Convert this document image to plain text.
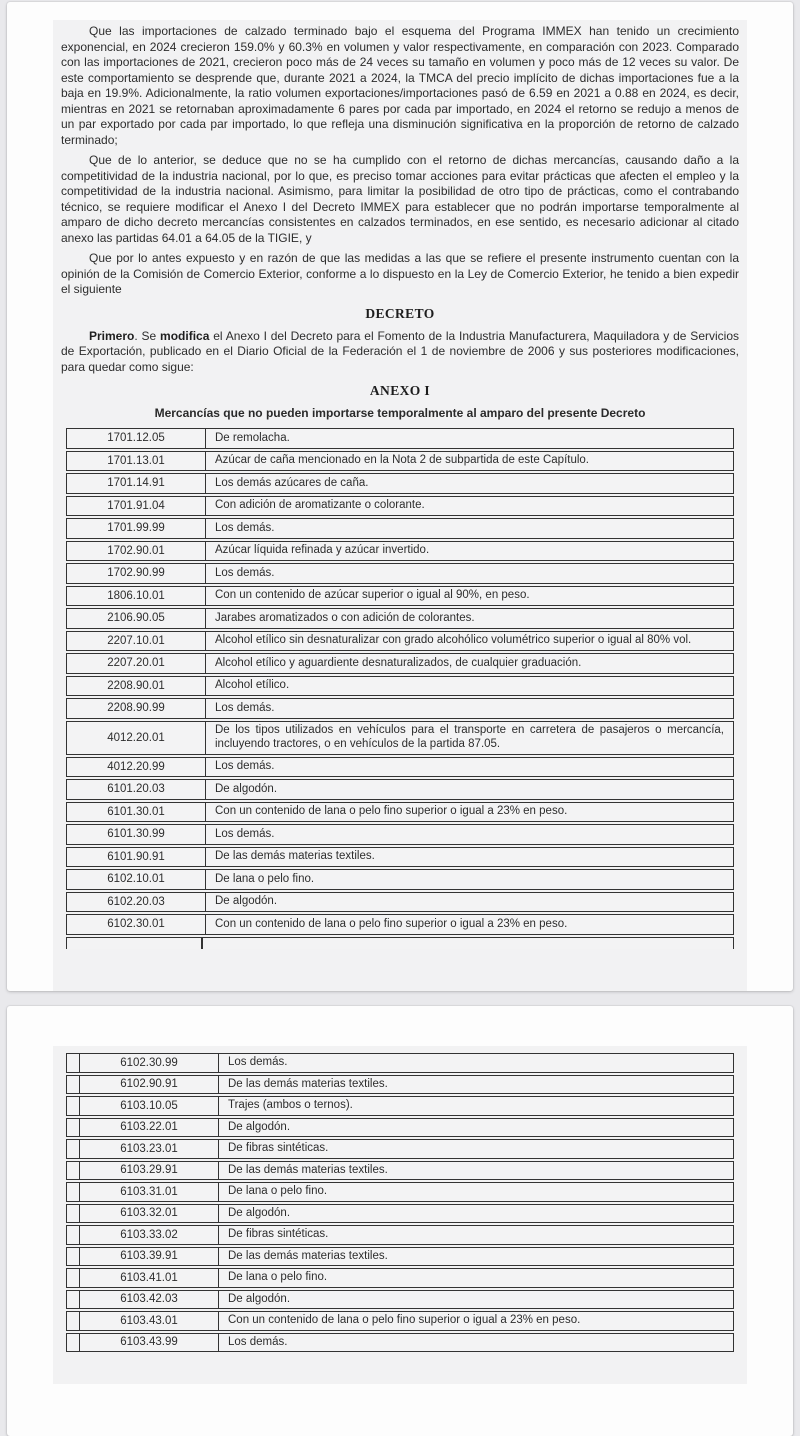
Que las importaciones de calzado terminado bajo el esquema del Programa IMMEX han tenido un crecimiento exponencial, en 2024 crecieron 159.0% y 60.3% en volumen y valor respectivamente, en comparación con 2023. Comparado con las importaciones de 2021, crecieron poco más de 24 veces su tamaño en volumen y poco más de 12 veces su valor. De este comportamiento se desprende que, durante 2021 a 2024, la TMCA del precio implícito de dichas importaciones fue a la baja en 19.9%. Adicionalmente, la ratio volumen exportaciones/importaciones pasó de 6.59 en 2021 a 0.88 en 2024, es decir, mientras en 2021 se retornaban aproximadamente 6 pares por cada par importado, en 2024 el retorno se redujo a menos de un par exportado por cada par importado, lo que refleja una disminución significativa en la proporción de retorno de calzado terminado;

Que de lo anterior, se deduce que no se ha cumplido con el retorno de dichas mercancías, causando daño a la competitividad de la industria nacional, por lo que, es preciso tomar acciones para evitar prácticas que afecten el empleo y la competitividad de la industria nacional. Asimismo, para limitar la posibilidad de otro tipo de prácticas, como el contrabando técnico, se requiere modificar el Anexo I del Decreto IMMEX para establecer que no podrán importarse temporalmente al amparo de dicho decreto mercancías consistentes en calzados terminados, en ese sentido, es necesario adicionar al citado anexo las partidas 64.01 a 64.05 de la TIGIE, y

Que por lo antes expuesto y en razón de que las medidas a las que se refiere el presente instrumento cuentan con la opinión de la Comisión de Comercio Exterior, conforme a lo dispuesto en la Ley de Comercio Exterior, he tenido a bien expedir el siguiente

DECRETO

Primero. Se modifica el Anexo I del Decreto para el Fomento de la Industria Manufacturera, Maquiladora y de Servicios de Exportación, publicado en el Diario Oficial de la Federación el 1 de noviembre de 2006 y sus posteriores modificaciones, para quedar como sigue:

ANEXO I
Mercancías que no pueden importarse temporalmente al amparo del presente Decreto
1701.12.05	De remolacha.
1701.13.01	Azúcar de caña mencionado en la Nota 2 de subpartida de este Capítulo.
1701.14.91	Los demás azúcares de caña.
1701.91.04	Con adición de aromatizante o colorante.
1701.99.99	Los demás.
1702.90.01	Azúcar líquida refinada y azúcar invertido.
1702.90.99	Los demás.
1806.10.01	Con un contenido de azúcar superior o igual al 90%, en peso.
2106.90.05	Jarabes aromatizados o con adición de colorantes.
2207.10.01	Alcohol etílico sin desnaturalizar con grado alcohólico volumétrico superior o igual al 80% vol.
2207.20.01	Alcohol etílico y aguardiente desnaturalizados, de cualquier graduación.
2208.90.01	Alcohol etílico.
2208.90.99	Los demás.
4012.20.01
De los tipos utilizados en vehículos para el transporte en carretera de pasajeros o mercancía, incluyendo tractores, o en vehículos de la partida 87.05.
4012.20.99	Los demás.
6101.20.03	De algodón.
6101.30.01	Con un contenido de lana o pelo fino superior o igual a 23% en peso.
6101.30.99	Los demás.
6101.90.91	De las demás materias textiles.
6102.10.01	De lana o pelo fino.
6102.20.03	De algodón.
6102.30.01	Con un contenido de lana o pelo fino superior o igual a 23% en peso.
6102.30.99	Los demás.
6102.90.91	De las demás materias textiles.
6103.10.05	Trajes (ambos o ternos).
6103.22.01	De algodón.
6103.23.01	De fibras sintéticas.
6103.29.91	De las demás materias textiles.
6103.31.01	De lana o pelo fino.
6103.32.01	De algodón.
6103.33.02	De fibras sintéticas.
6103.39.91	De las demás materias textiles.
6103.41.01	De lana o pelo fino.
6103.42.03	De algodón.
6103.43.01	Con un contenido de lana o pelo fino superior o igual a 23% en peso.
6103.43.99	Los demás.
